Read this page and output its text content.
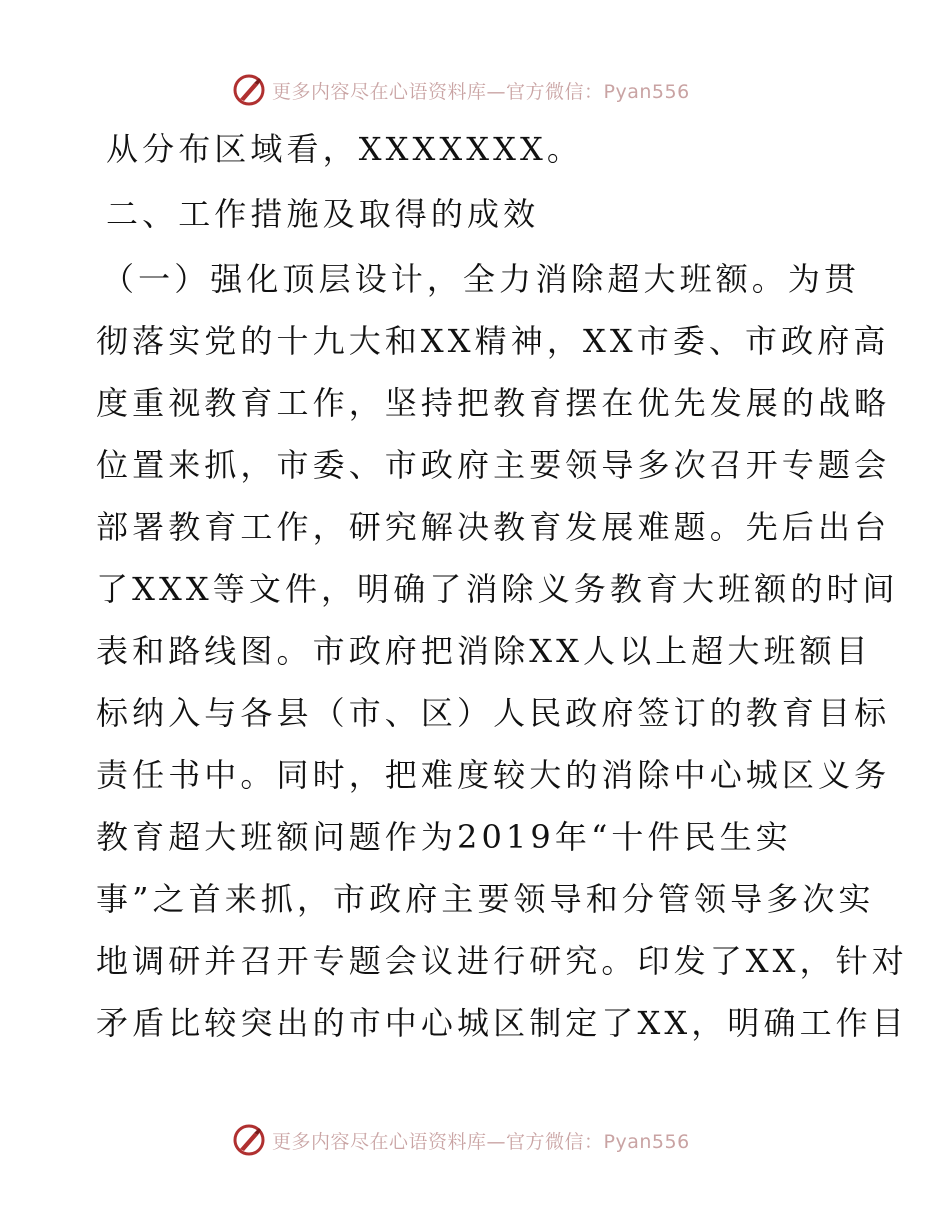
更多内容尽在心语资料库—官方微信：Pyan556
从分布区域看，XXXXXXX。
二、工作措施及取得的成效
（一）强化顶层设计，全力消除超大班额。为贯
彻落实党的十九大和XX精神，XX市委、市政府高
度重视教育工作，坚持把教育摆在优先发展的战略
位置来抓，市委、市政府主要领导多次召开专题会
部署教育工作，研究解决教育发展难题。先后出台
了XXX等文件，明确了消除义务教育大班额的时间
表和路线图。市政府把消除XX人以上超大班额目
标纳入与各县（市、区）人民政府签订的教育目标
责任书中。同时，把难度较大的消除中心城区义务
教育超大班额问题作为2019年“十件民生实
事”之首来抓，市政府主要领导和分管领导多次实
地调研并召开专题会议进行研究。印发了XX，针对
矛盾比较突出的市中心城区制定了XX，明确工作目
更多内容尽在心语资料库—官方微信：Pyan556
